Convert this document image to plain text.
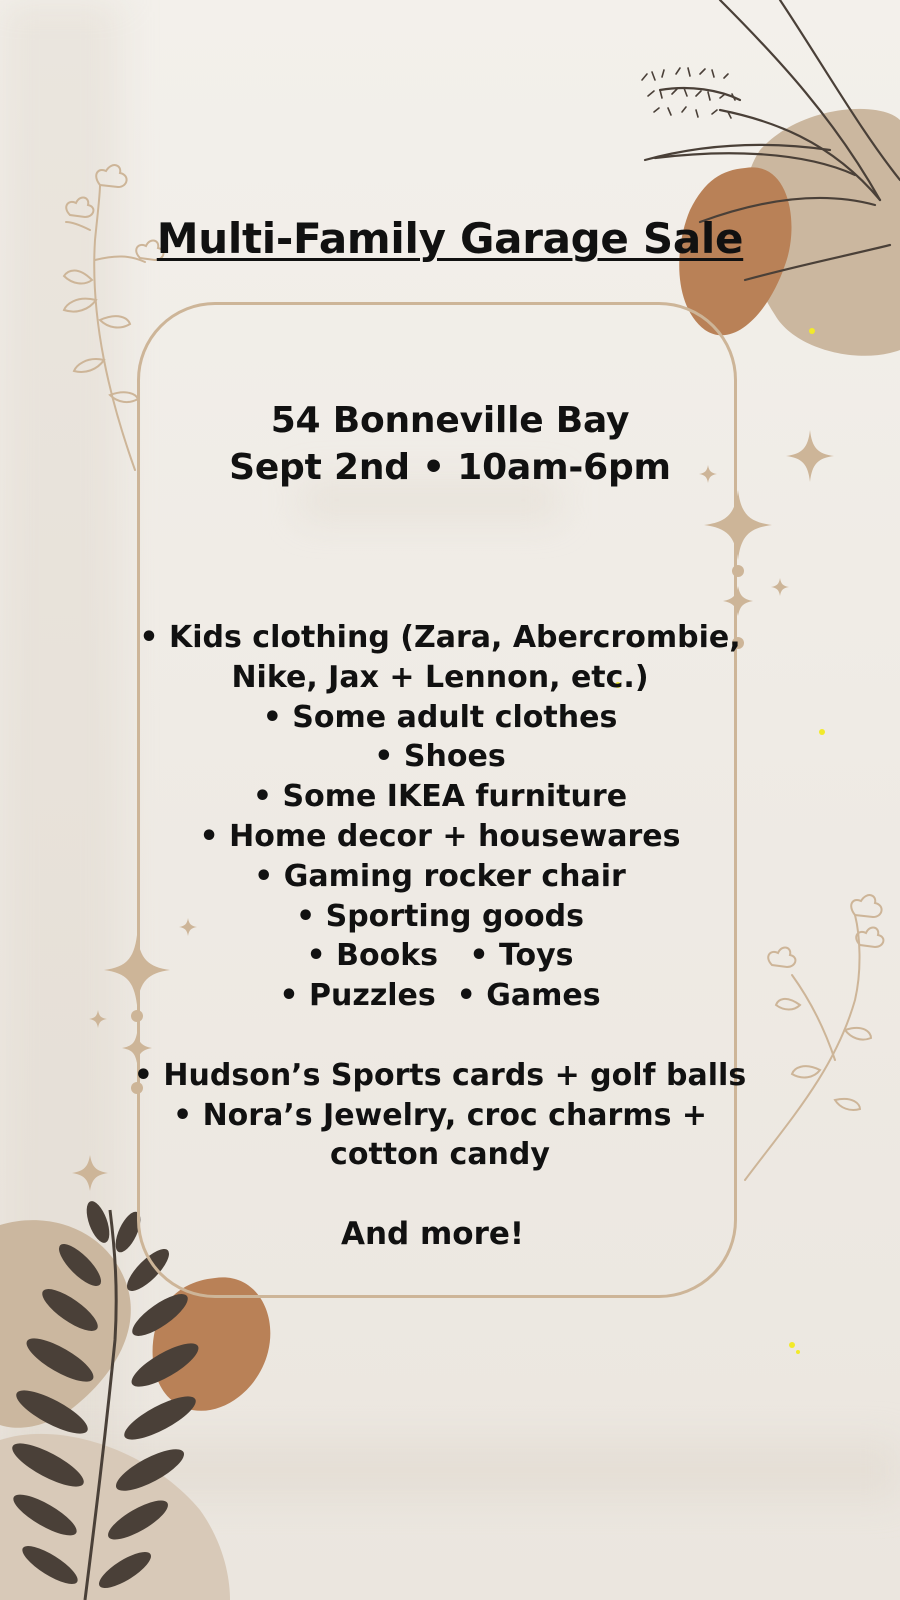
Multi-Family Garage Sale
54 Bonneville Bay
Sept 2nd • 10am-6pm
• Kids clothing (Zara, Abercrombie,
Nike, Jax + Lennon, etc.)
• Some adult clothes
• Shoes
• Some IKEA furniture
• Home decor + housewares
• Gaming rocker chair
• Sporting goods
• Books   • Toys
• Puzzles  • Games
• Hudson’s Sports cards + golf balls
• Nora’s Jewelry, croc charms +
cotton candy
And more!
